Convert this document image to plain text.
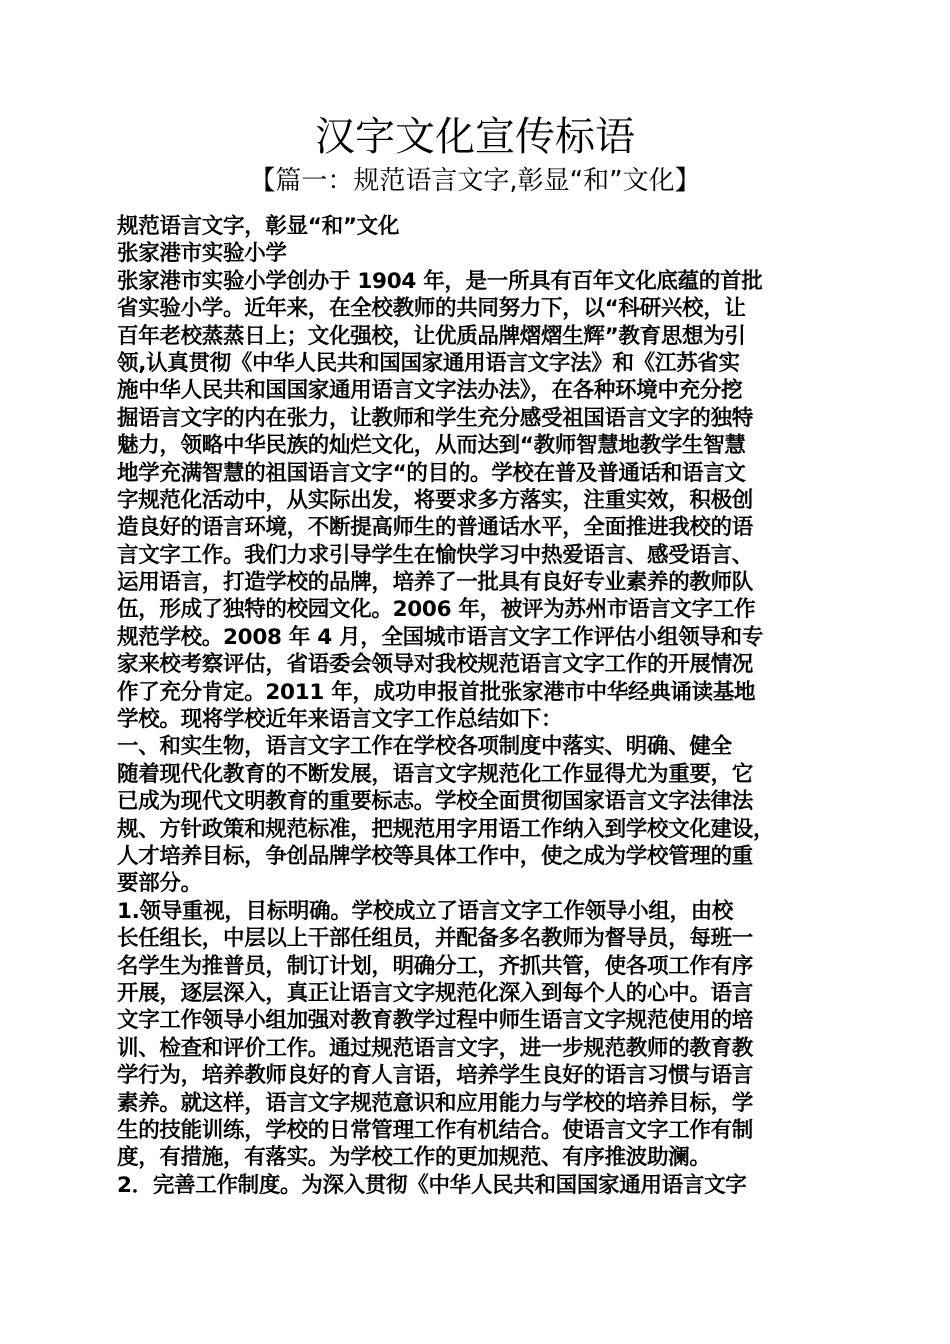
汉字文化宣传标语
【篇一：规范语言文字,彰显“和”文化】
规范语言文字，彰显“和”文化
张家港市实验小学
张家港市实验小学创办于 1904 年，是一所具有百年文化底蕴的首批
省实验小学。近年来，在全校教师的共同努力下，以“科研兴校，让
百年老校蒸蒸日上；文化强校，让优质品牌熠熠生辉”教育思想为引
领,认真贯彻《中华人民共和国国家通用语言文字法》和《江苏省实
施中华人民共和国国家通用语言文字法办法》，在各种环境中充分挖
掘语言文字的内在张力，让教师和学生充分感受祖国语言文字的独特
魅力，领略中华民族的灿烂文化，从而达到“教师智慧地教学生智慧
地学充满智慧的祖国语言文字“的目的。学校在普及普通话和语言文
字规范化活动中，从实际出发，将要求多方落实，注重实效，积极创
造良好的语言环境，不断提高师生的普通话水平，全面推进我校的语
言文字工作。我们力求引导学生在愉快学习中热爱语言、感受语言、
运用语言，打造学校的品牌，培养了一批具有良好专业素养的教师队
伍，形成了独特的校园文化。2006 年，被评为苏州市语言文字工作
规范学校。2008 年 4 月，全国城市语言文字工作评估小组领导和专
家来校考察评估，省语委会领导对我校规范语言文字工作的开展情况
作了充分肯定。2011 年，成功申报首批张家港市中华经典诵读基地
学校。现将学校近年来语言文字工作总结如下：
一、和实生物，语言文字工作在学校各项制度中落实、明确、健全
随着现代化教育的不断发展，语言文字规范化工作显得尤为重要，它
已成为现代文明教育的重要标志。学校全面贯彻国家语言文字法律法
规、方针政策和规范标准，把规范用字用语工作纳入到学校文化建设，
人才培养目标，争创品牌学校等具体工作中，使之成为学校管理的重
要部分。
1.领导重视，目标明确。学校成立了语言文字工作领导小组，由校
长任组长，中层以上干部任组员，并配备多名教师为督导员，每班一
名学生为推普员，制订计划，明确分工，齐抓共管，使各项工作有序
开展，逐层深入，真正让语言文字规范化深入到每个人的心中。语言
文字工作领导小组加强对教育教学过程中师生语言文字规范使用的培
训、检查和评价工作。通过规范语言文字，进一步规范教师的教育教
学行为，培养教师良好的育人言语，培养学生良好的语言习惯与语言
素养。就这样，语言文字规范意识和应用能力与学校的培养目标，学
生的技能训练，学校的日常管理工作有机结合。使语言文字工作有制
度，有措施，有落实。为学校工作的更加规范、有序推波助澜。
2．完善工作制度。为深入贯彻《中华人民共和国国家通用语言文字
